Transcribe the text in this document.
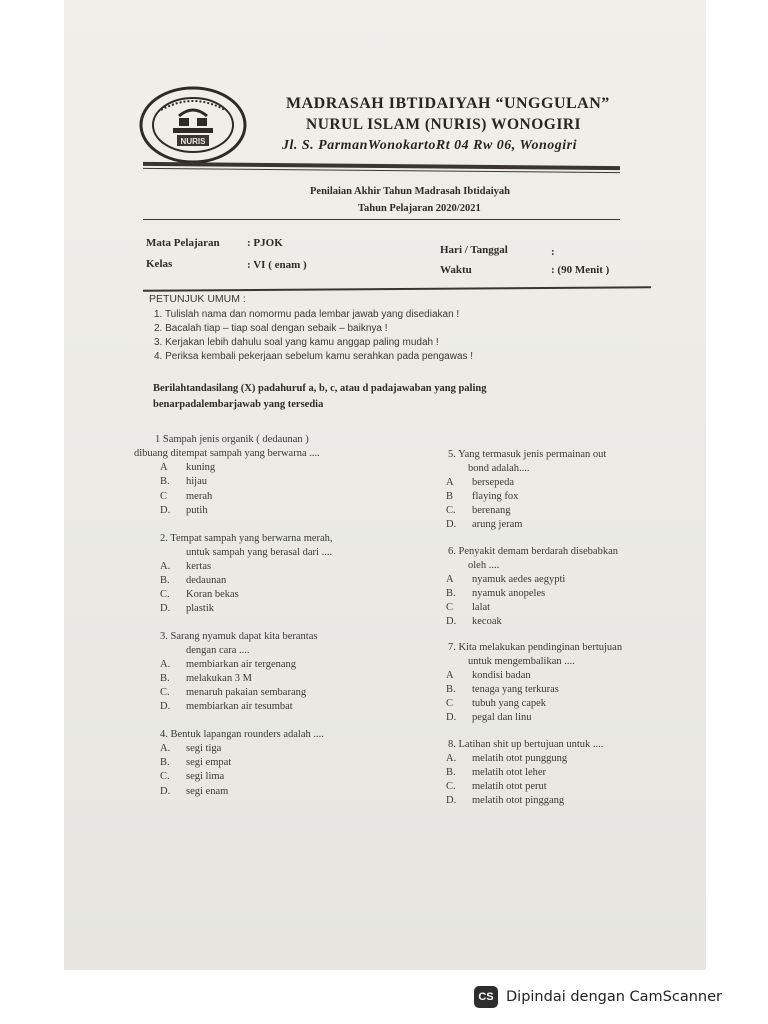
NURIS
MADRASAH IBTIDAIYAH “UNGGULAN”
NURUL ISLAM (NURIS) WONOGIRI
Jl. S. ParmanWonokartoRt 04 Rw 06, Wonogiri
Penilaian Akhir Tahun Madrasah Ibtidaiyah
Tahun Pelajaran 2020/2021
Mata Pelajaran : PJOK
Kelas	: VI ( enam )
Hari / Tanggal	:
Waktu	: (90 Menit )
PETUNJUK UMUM :
1. Tulislah nama dan nomormu pada lembar jawab yang disediakan !
2. Bacalah tiap – tiap soal dengan sebaik – baiknya !
3. Kerjakan lebih dahulu soal yang kamu anggap paling mudah !
4. Periksa kembali pekerjaan sebelum kamu serahkan pada pengawas !
Berilahtandasilang (X) padahuruf a, b, c, atau d padajawaban yang paling
benarpadalembarjawab yang tersedia
1 Sampah jenis organik ( dedaunan )
dibuang ditempat sampah yang berwarna ....
A kuning
B. hijau
C merah
D. putih
2. Tempat sampah yang berwarna merah,
untuk sampah yang berasal dari ....
A. kertas
B. dedaunan
C. Koran bekas
D. plastik
3. Sarang nyamuk dapat kita berantas
dengan cara ....
A. membiarkan air tergenang
B. melakukan 3 M
C. menaruh pakaian sembarang
D. membiarkan air tesumbat
4. Bentuk lapangan rounders adalah ....
A. segi tiga
B. segi empat
C. segi lima
D. segi enam
5. Yang termasuk jenis permainan out
bond adalah....
A bersepeda
B flaying fox
C. berenang
D. arung jeram
6. Penyakit demam berdarah disebabkan
oleh ....
A nyamuk aedes aegypti
B. nyamuk anopeles
C lalat
D. kecoak
7. Kita melakukan pendinginan bertujuan
untuk mengembalikan ....
A kondisi badan
B. tenaga yang terkuras
C tubuh yang capek
D. pegal dan linu
8. Latihan shit up bertujuan untuk ....
A. melatih otot punggung
B. melatih otot leher
C. melatih otot perut
D. melatih otot pinggang
CS Dipindai dengan CamScanner
